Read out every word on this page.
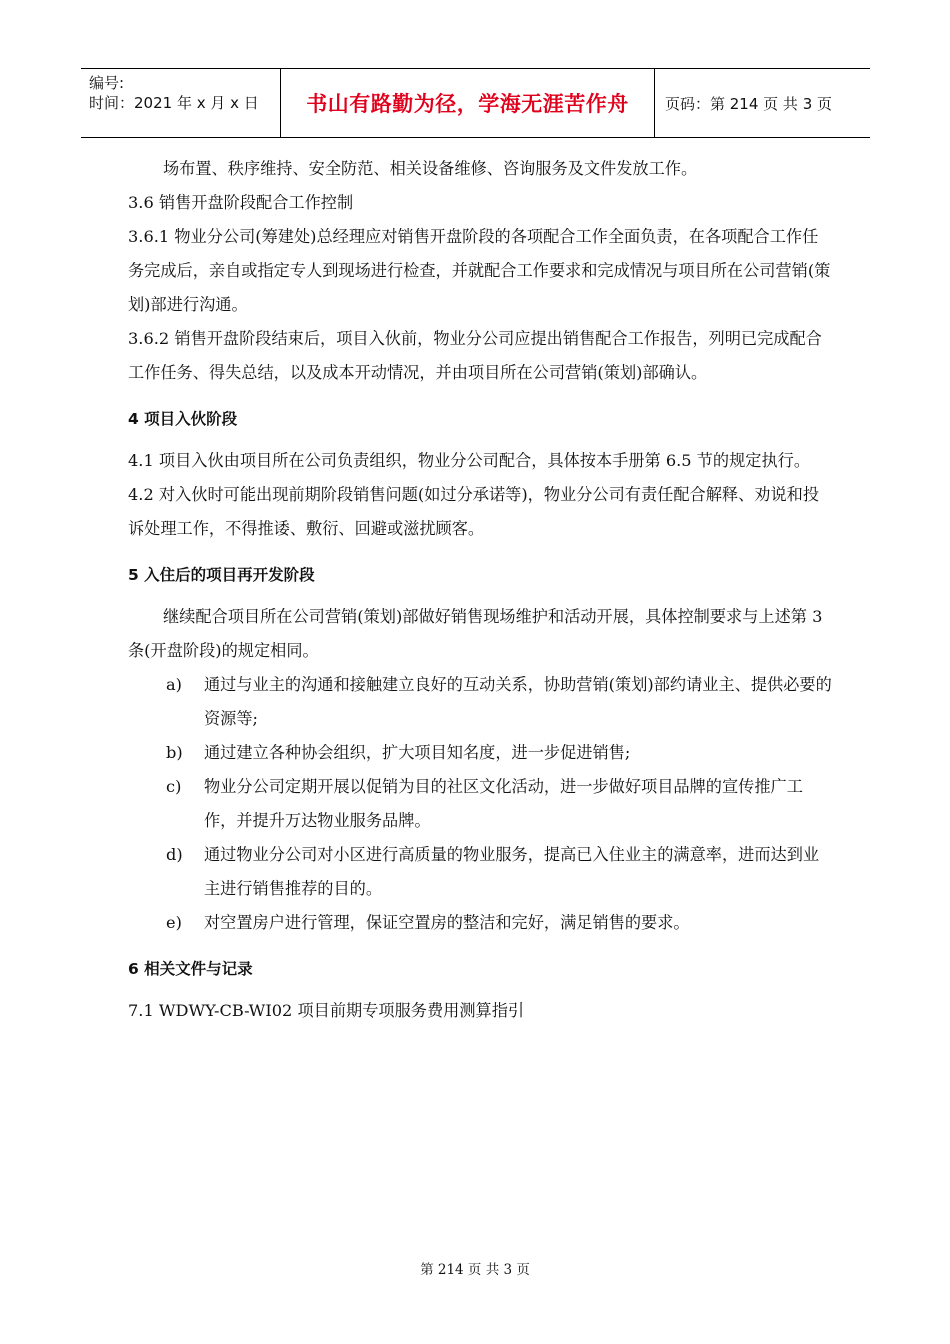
编号:
时间：2021 年 x 月 x 日	书山有路勤为径，学海无涯苦作舟	页码：第 214 页 共 3 页

场布置、秩序维持、安全防范、相关设备维修、咨询服务及文件发放工作。

3.6 销售开盘阶段配合工作控制

3.6.1 物业分公司(筹建处)总经理应对销售开盘阶段的各项配合工作全面负责，在各项配合工作任务完成后，亲自或指定专人到现场进行检查，并就配合工作要求和完成情况与项目所在公司营销(策划)部进行沟通。

3.6.2 销售开盘阶段结束后，项目入伙前，物业分公司应提出销售配合工作报告，列明已完成配合工作任务、得失总结，以及成本开动情况，并由项目所在公司营销(策划)部确认。

4 项目入伙阶段

4.1 项目入伙由项目所在公司负责组织，物业分公司配合，具体按本手册第 6.5 节的规定执行。

4.2 对入伙时可能出现前期阶段销售问题(如过分承诺等)，物业分公司有责任配合解释、劝说和投诉处理工作，不得推诿、敷衍、回避或滋扰顾客。

5 入住后的项目再开发阶段

继续配合项目所在公司营销(策划)部做好销售现场维护和活动开展，具体控制要求与上述第 3 条(开盘阶段)的规定相同。

a)	通过与业主的沟通和接触建立良好的互动关系，协助营销(策划)部约请业主、提供必要的资源等;
b)	通过建立各种协会组织，扩大项目知名度，进一步促进销售;
c)	物业分公司定期开展以促销为目的社区文化活动，进一步做好项目品牌的宣传推广工作，并提升万达物业服务品牌。
d)	通过物业分公司对小区进行高质量的物业服务，提高已入住业主的满意率，进而达到业主进行销售推荐的目的。
e)	对空置房户进行管理，保证空置房的整洁和完好，满足销售的要求。

6 相关文件与记录

7.1 WDWY-CB-WI02 项目前期专项服务费用测算指引

第 214 页 共 3 页
